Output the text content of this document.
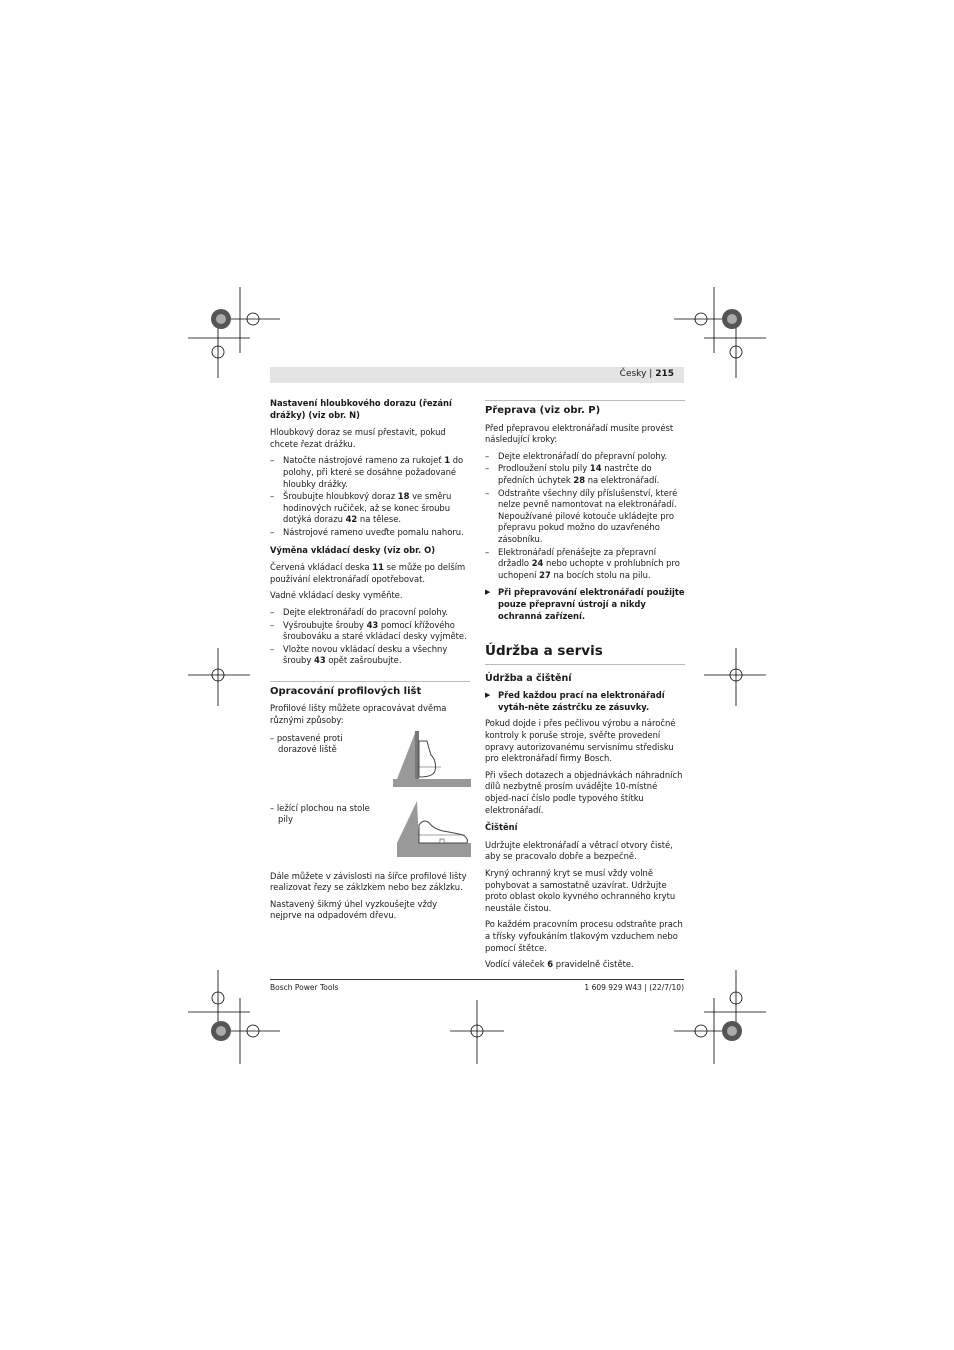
Česky | 215
Nastavení hloubkového dorazu (řezání drážky) (viz obr. N)

Hloubkový doraz se musí přestavit, pokud chcete řezat drážku.

– Natočte nástrojové rameno za rukojeť 1 do polohy, při které se dosáhne požadované hloubky drážky.
– Šroubujte hloubkový doraz 18 ve směru hodinových ručiček, až se konec šroubu dotýká dorazu 42 na tělese.
– Nástrojové rameno uveďte pomalu nahoru.
Výměna vkládací desky (viz obr. O)

Červená vkládací deska 11 se může po delším používání elektronářadí opotřebovat.

Vadné vkládací desky vyměňte.

– Dejte elektronářadí do pracovní polohy.
– Vyšroubujte šrouby 43 pomocí křížového šroubováku a staré vkládací desky vyjměte.
– Vložte novou vkládací desku a všechny šrouby 43 opět zašroubujte.
Opracování profilových lišt

Profilové lišty můžete opracovávat dvěma různými způsoby:

– postavené proti dorazové liště
– ležící plochou na stole pily

Dále můžete v závislosti na šířce profilové lišty realizovat řezy se záklzkem nebo bez záklzku.

Nastavený šikmý úhel vyzkoušejte vždy nejprve na odpadovém dřevu.

Přeprava (viz obr. P)

Před přepravou elektronářadí musíte provést následující kroky:

– Dejte elektronářadí do přepravní polohy.
– Prodloužení stolu pily 14 nastrčte do předních úchytek 28 na elektronářadí.
– Odstraňte všechny díly příslušenství, které nelze pevně namontovat na elektronářadí. Nepoužívané pilové kotouče ukládejte pro přepravu pokud možno do uzavřeného zásobníku.
– Elektronářadí přenášejte za přepravní držadlo 24 nebo uchopte v prohlubních pro uchopení 27 na bocích stolu na pilu.
▶ Při přepravování elektronářadí použijte pouze přepravní ústrojí a nikdy ochranná zařízení.
Údržba a servis
Údržba a čištění
▶ Před každou prací na elektronářadí vytáh-něte zástrčku ze zásuvky.

Pokud dojde i přes pečlivou výrobu a náročné kontroly k poruše stroje, svěřte provedení opravy autorizovanému servisnímu středisku pro elektronářadí firmy Bosch.

Při všech dotazech a objednávkách náhradních dílů nezbytně prosím uvádějte 10-místné objed-nací číslo podle typového štítku elektronářadí.

Čištění

Udržujte elektronářadí a větrací otvory čisté, aby se pracovalo dobře a bezpečně.

Kryný ochranný kryt se musí vždy volně pohybovat a samostatně uzavírat. Udržujte proto oblast okolo kyvného ochranného krytu neustále čistou.

Po každém pracovním procesu odstraňte prach a třísky vyfoukáním tlakovým vzduchem nebo pomocí štětce.

Vodící váleček 6 pravidelně čistěte.

Bosch Power Tools	1 609 929 W43 | (22/7/10)
